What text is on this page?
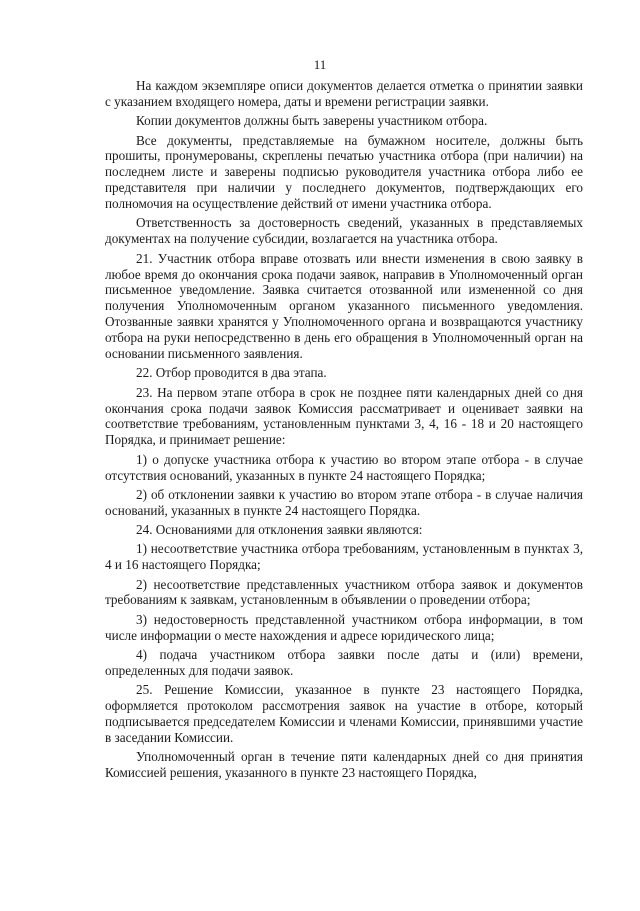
11

На каждом экземпляре описи документов делается отметка о принятии заявки с указанием входящего номера, даты и времени регистрации заявки.

Копии документов должны быть заверены участником отбора.

Все документы, представляемые на бумажном носителе, должны быть прошиты, пронумерованы, скреплены печатью участника отбора (при наличии) на последнем листе и заверены подписью руководителя участника отбора либо ее представителя при наличии у последнего документов, подтверждающих его полномочия на осуществление действий от имени участника отбора.

Ответственность за достоверность сведений, указанных в представляемых документах на получение субсидии, возлагается на участника отбора.

21. Участник отбора вправе отозвать или внести изменения в свою заявку в любое время до окончания срока подачи заявок, направив в Уполномоченный орган письменное уведомление. Заявка считается отозванной или измененной со дня получения Уполномоченным органом указанного письменного уведомления. Отозванные заявки хранятся у Уполномоченного органа и возвращаются участнику отбора на руки непосредственно в день его обращения в Уполномоченный орган на основании письменного заявления.

22. Отбор проводится в два этапа.

23. На первом этапе отбора в срок не позднее пяти календарных дней со дня окончания срока подачи заявок Комиссия рассматривает и оценивает заявки на соответствие требованиям, установленным пунктами 3, 4, 16 - 18 и 20 настоящего Порядка, и принимает решение:

1) о допуске участника отбора к участию во втором этапе отбора - в случае отсутствия оснований, указанных в пункте 24 настоящего Порядка;

2) об отклонении заявки к участию во втором этапе отбора - в случае наличия оснований, указанных в пункте 24 настоящего Порядка.

24. Основаниями для отклонения заявки являются:

1) несоответствие участника отбора требованиям, установленным в пунктах 3, 4 и 16 настоящего Порядка;

2) несоответствие представленных участником отбора заявок и документов требованиям к заявкам, установленным в объявлении о проведении отбора;

3) недостоверность представленной участником отбора информации, в том числе информации о месте нахождения и адресе юридического лица;

4) подача участником отбора заявки после даты и (или) времени, определенных для подачи заявок.

25. Решение Комиссии, указанное в пункте 23 настоящего Порядка, оформляется протоколом рассмотрения заявок на участие в отборе, который подписывается председателем Комиссии и членами Комиссии, принявшими участие в заседании Комиссии.

Уполномоченный орган в течение пяти календарных дней со дня принятия Комиссией решения, указанного в пункте 23 настоящего Порядка,
